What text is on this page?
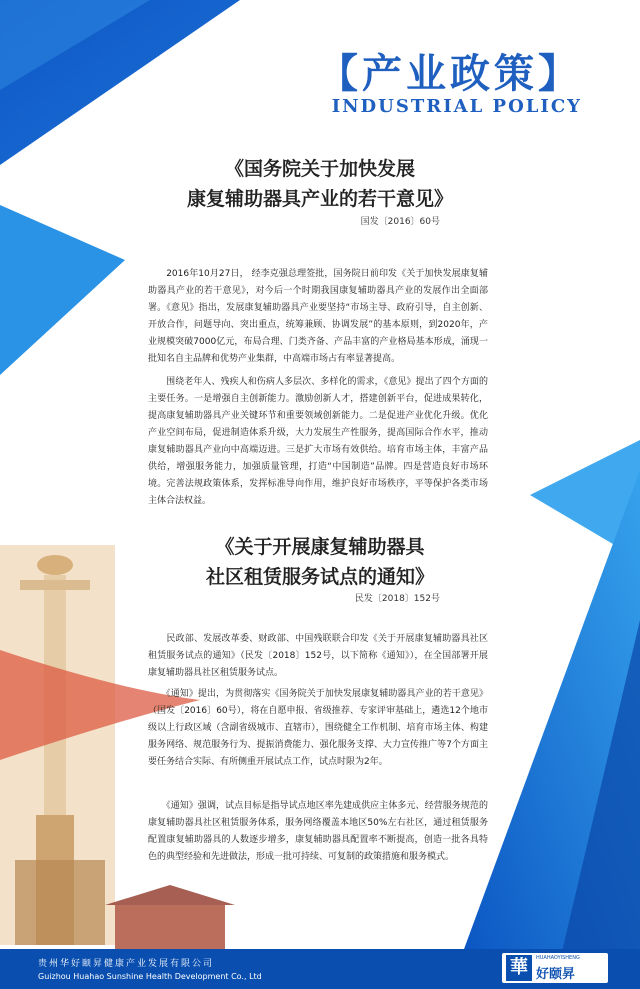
【产业政策】
INDUSTRIAL POLICY
《国务院关于加快发展
康复辅助器具产业的若干意见》
国发〔2016〕60号

　　2016年10月27日， 经李克强总理签批，国务院日前印发《关于加快发展康复辅助器具产业的若干意见》，对今后一个时期我国康复辅助器具产业的发展作出全面部署。《意见》指出，发展康复辅助器具产业要坚持“市场主导、政府引导，自主创新、开放合作，问题导向、突出重点，统筹兼顾、协调发展”的基本原则，到2020年，产业规模突破7000亿元，布局合理、门类齐备、产品丰富的产业格局基本形成，涌现一批知名自主品牌和优势产业集群，中高端市场占有率显著提高。

　　围绕老年人、残疾人和伤病人多层次、多样化的需求，《意见》提出了四个方面的主要任务。一是增强自主创新能力。激励创新人才，搭建创新平台，促进成果转化，提高康复辅助器具产业关键环节和重要领域创新能力。二是促进产业优化升级。优化产业空间布局，促进制造体系升级，大力发展生产性服务，提高国际合作水平，推动康复辅助器具产业向中高端迈进。三是扩大市场有效供给。培育市场主体，丰富产品供给，增强服务能力，加强质量管理，打造“中国制造”品牌。四是营造良好市场环境。完善法规政策体系，发挥标准导向作用，维护良好市场秩序，平等保护各类市场主体合法权益。

《关于开展康复辅助器具
社区租赁服务试点的通知》
民发〔2018〕152号

　　民政部、发展改革委、财政部、中国残联联合印发《关于开展康复辅助器具社区租赁服务试点的通知》（民发〔2018〕152号，以下简称《通知》），在全国部署开展康复辅助器具社区租赁服务试点。

　　《通知》提出，为贯彻落实《国务院关于加快发展康复辅助器具产业的若干意见》（国发〔2016〕60号），将在自愿申报、省级推荐、专家评审基础上，遴选12个地市级以上行政区域（含副省级城市、直辖市），围绕健全工作机制、培育市场主体、构建服务网络、规范服务行为、提振消费能力、强化服务支撑、大力宣传推广等7个方面主要任务结合实际、有所侧重开展试点工作，试点时限为2年。

　　《通知》强调，试点目标是指导试点地区率先建成供应主体多元、经营服务规范的康复辅助器具社区租赁服务体系，服务网络覆盖本地区50%左右社区，通过租赁服务配置康复辅助器具的人数逐步增多，康复辅助器具配置率不断提高，创造一批各具特色的典型经验和先进做法，形成一批可持续、可复制的政策措施和服务模式。

贵州华好颐昇健康产业发展有限公司
Guizhou Huahao Sunshine Health Development Co., Ltd	華	HUAHAOYISHENG
好颐昇
